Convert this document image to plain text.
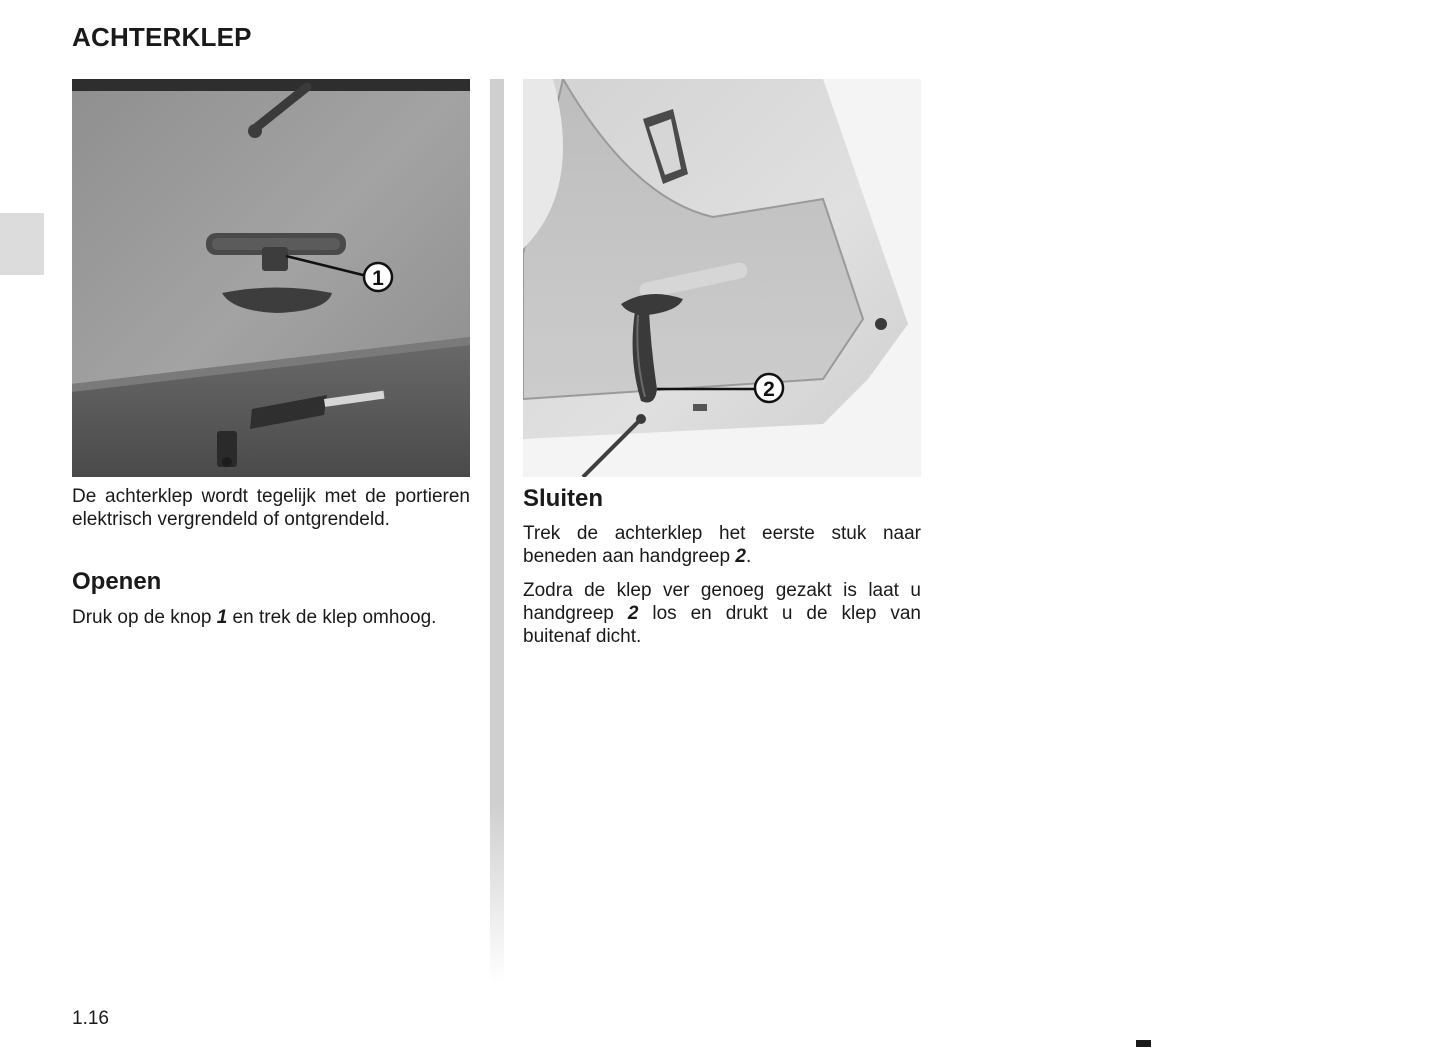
ACHTERKLEP
1
2

De achterklep wordt tegelijk met de portieren elektrisch vergrendeld of ontgrendeld.

Openen

Druk op de knop 1 en trek de klep omhoog.

Sluiten

Trek de achterklep het eerste stuk naar beneden aan handgreep 2.

Zodra de klep ver genoeg gezakt is laat u handgreep 2 los en drukt u de klep van buitenaf dicht.

1.16
